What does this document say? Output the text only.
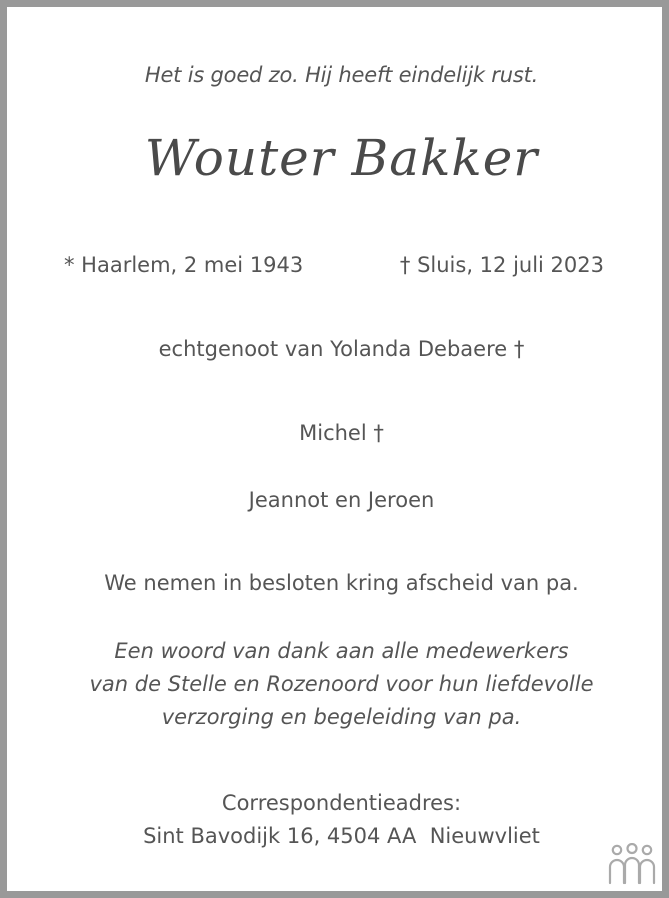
Het is goed zo. Hij heeft eindelijk rust.
Wouter Bakker
* Haarlem, 2 mei 1943	† Sluis, 12 juli 2023
echtgenoot van Yolanda Debaere †
Michel †
Jeannot en Jeroen
We nemen in besloten kring afscheid van pa.
Een woord van dank aan alle medewerkers
van de Stelle en Rozenoord voor hun liefdevolle
verzorging en begeleiding van pa.
Correspondentieadres:
Sint Bavodijk 16, 4504 AA  Nieuwvliet
